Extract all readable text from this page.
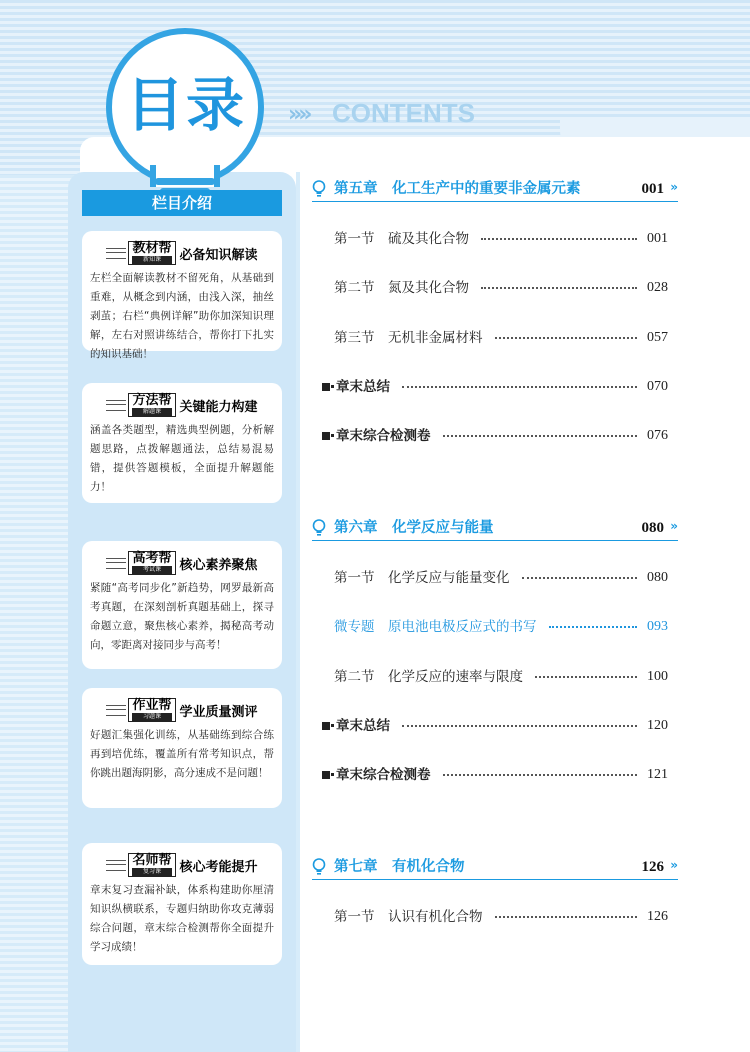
目录	»» CONTENTS
栏目介绍
教材帮
新知课	必备知识解读
左栏全面解读教材不留死角，从基础到重难，从概念到内涵，由浅入深，抽丝剥茧；右栏“典例详解”助你加深知识理解，左右对照讲练结合，帮你打下扎实的知识基础！
方法帮
解题课	关键能力构建
涵盖各类题型，精选典型例题，分析解题思路，点拨解题通法，总结易混易错，提供答题模板，全面提升解题能力！
高考帮
考试课	核心素养聚焦
紧随“高考同步化”新趋势，网罗最新高考真题，在深刻剖析真题基础上，探寻命题立意，聚焦核心素养，揭秘高考动向，零距离对接同步与高考！
作业帮
习题课	学业质量测评
好题汇集强化训练，从基础练到综合练再到培优练，覆盖所有常考知识点，帮你跳出题海阴影，高分速成不是问题！
名师帮
复习课	核心考能提升
章末复习查漏补缺，体系构建助你厘清知识纵横联系，专题归纳助你攻克薄弱综合问题，章末综合检测帮你全面提升学习成绩！
第五章　化工生产中的重要非金属元素	001 »
第一节　硫及其化合物	001
第二节　氮及其化合物	028
第三节　无机非金属材料	057
章末总结	070
章末综合检测卷	076
第六章　化学反应与能量	080 »
第一节　化学反应与能量变化	080
微专题　原电池电极反应式的书写	093
第二节　化学反应的速率与限度	100
章末总结	120
章末综合检测卷	121
第七章　有机化合物	126 »
第一节　认识有机化合物	126
